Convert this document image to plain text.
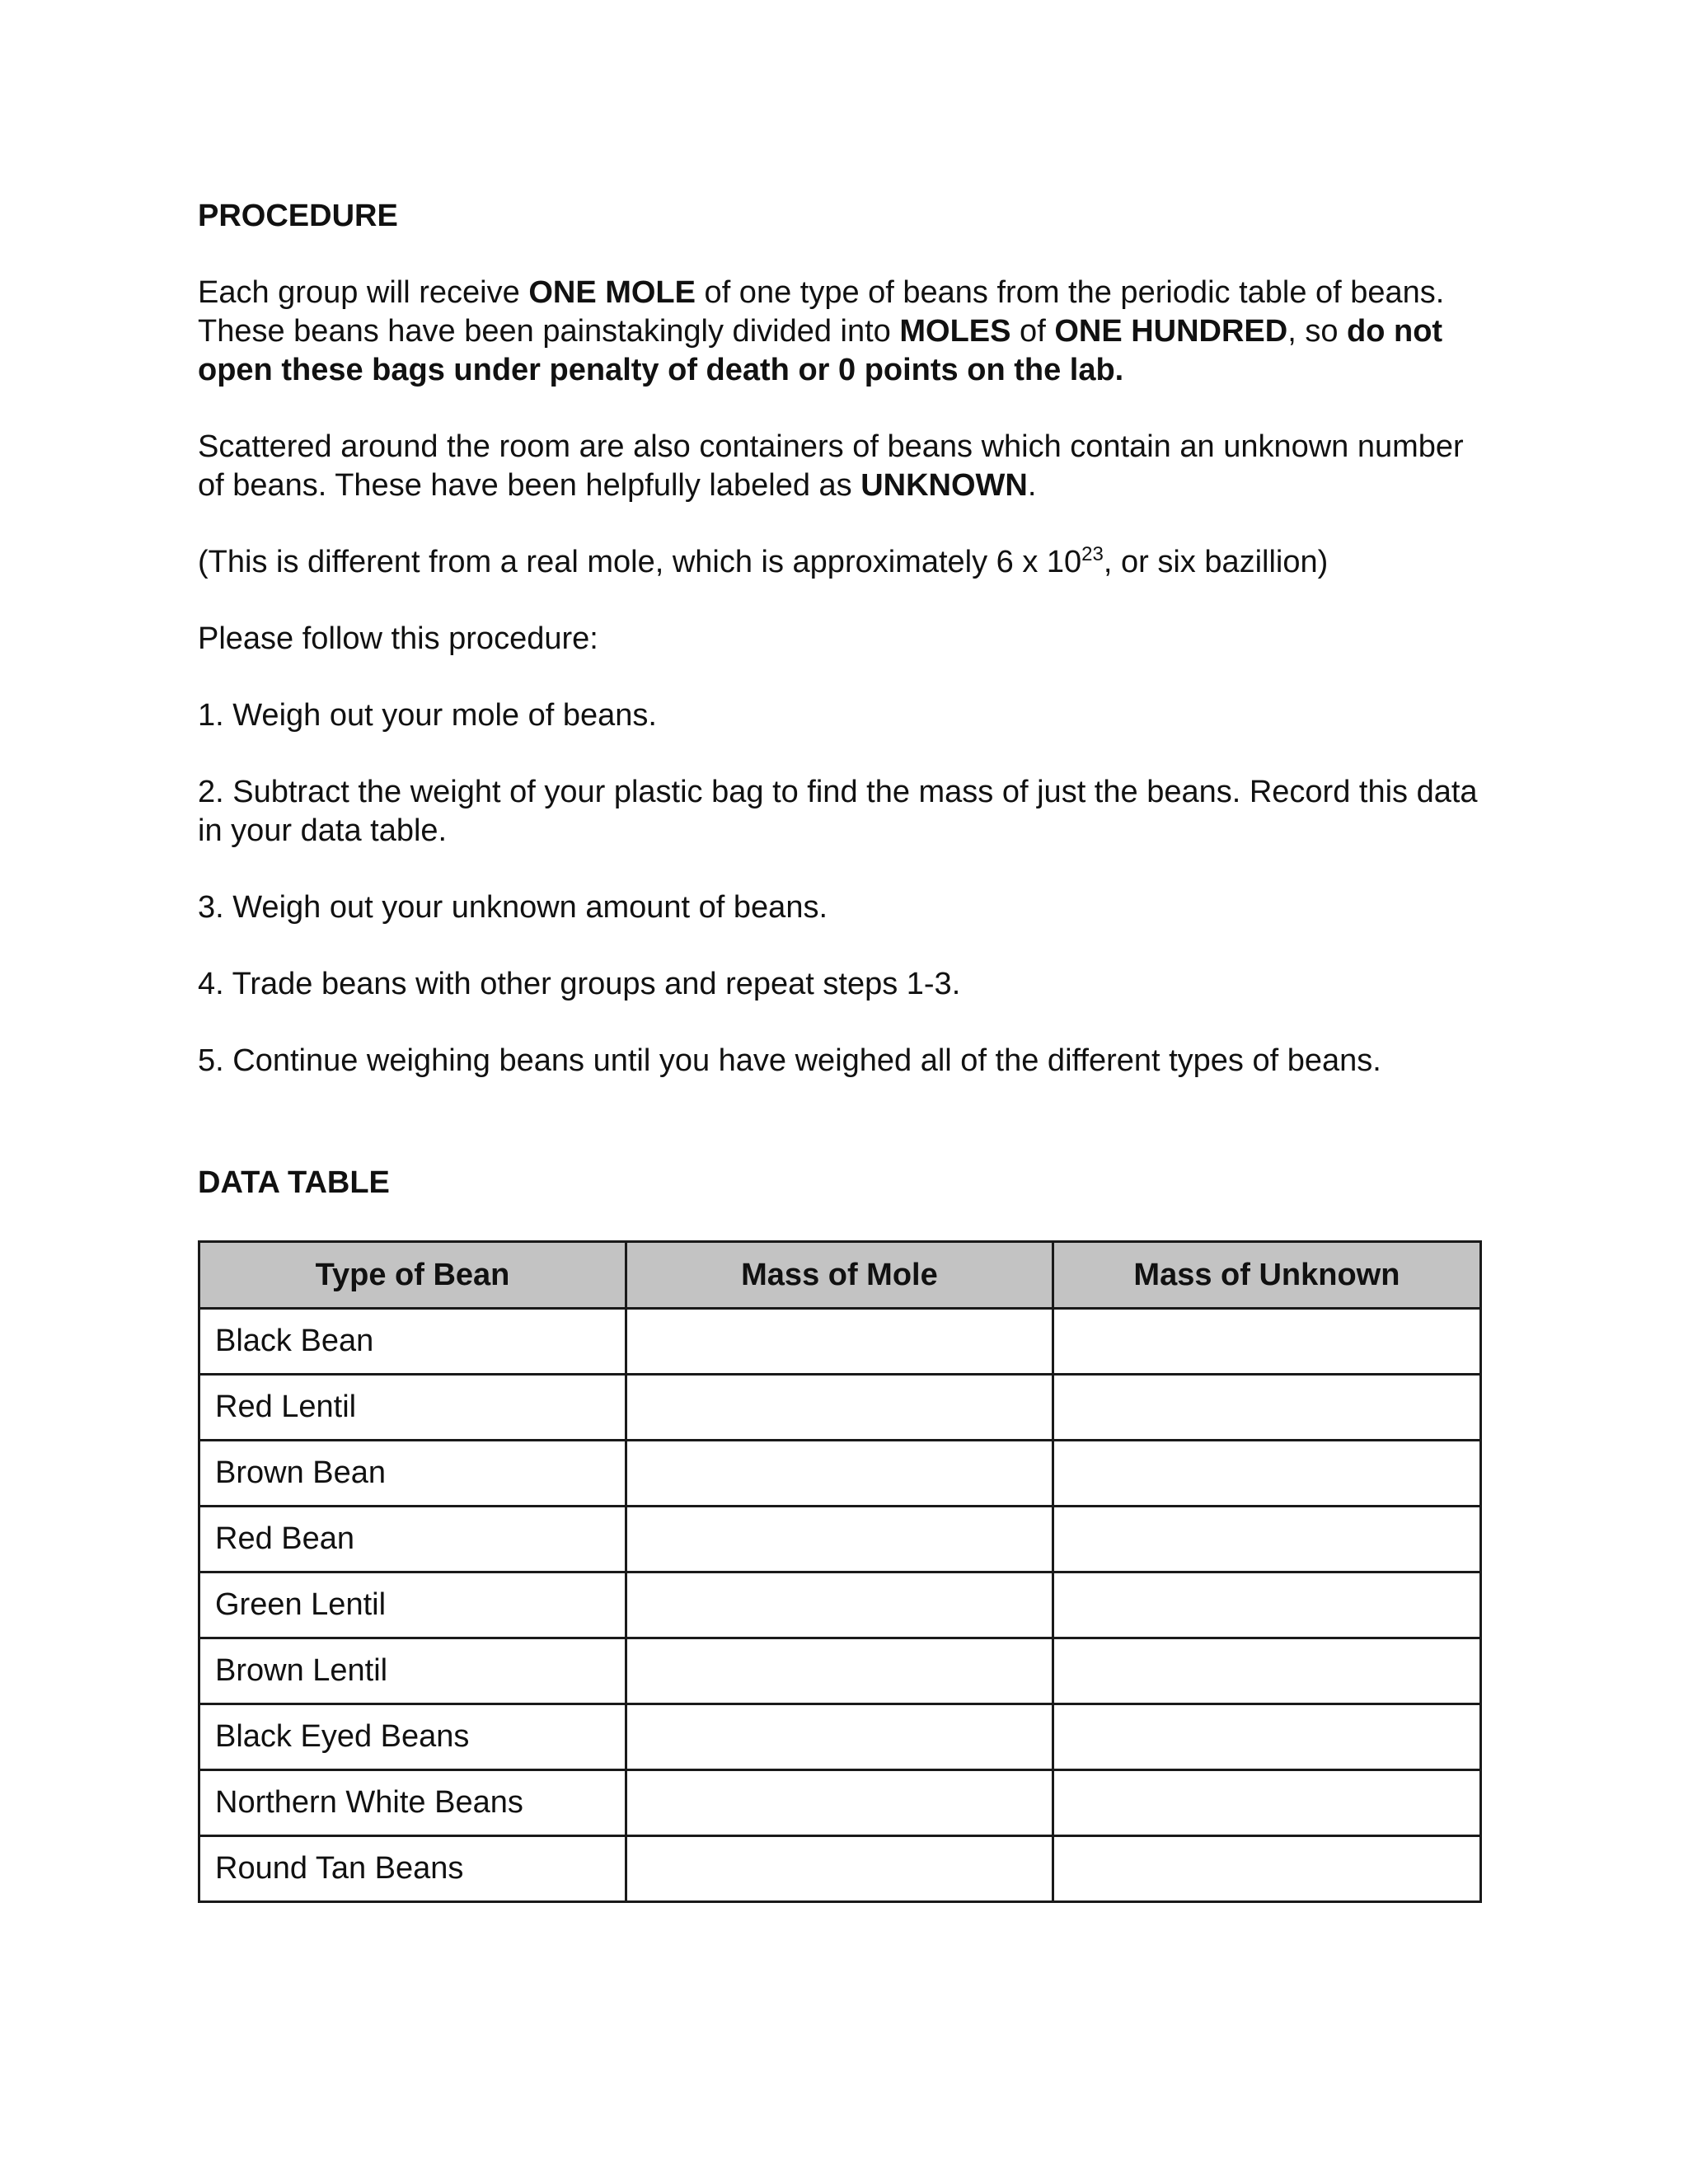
PROCEDURE

Each group will receive ONE MOLE of one type of beans from the periodic table of beans. These beans have been painstakingly divided into MOLES of ONE HUNDRED, so do not open these bags under penalty of death or 0 points on the lab.

Scattered around the room are also containers of beans which contain an unknown number of beans. These have been helpfully labeled as UNKNOWN.

(This is different from a real mole, which is approximately 6 x $10^{23}$, or six bazillion)

Please follow this procedure:

1. Weigh out your mole of beans.

2. Subtract the weight of your plastic bag to find the mass of just the beans. Record this data in your data table.

3. Weigh out your unknown amount of beans.

4. Trade beans with other groups and repeat steps 1-3.

5. Continue weighing beans until you have weighed all of the different types of beans.

DATA TABLE
Type of Bean	Mass of Mole	Mass of Unknown
Black Bean		
Red Lentil		
Brown Bean		
Red Bean		
Green Lentil		
Brown Lentil		
Black Eyed Beans		
Northern White Beans		
Round Tan Beans		
